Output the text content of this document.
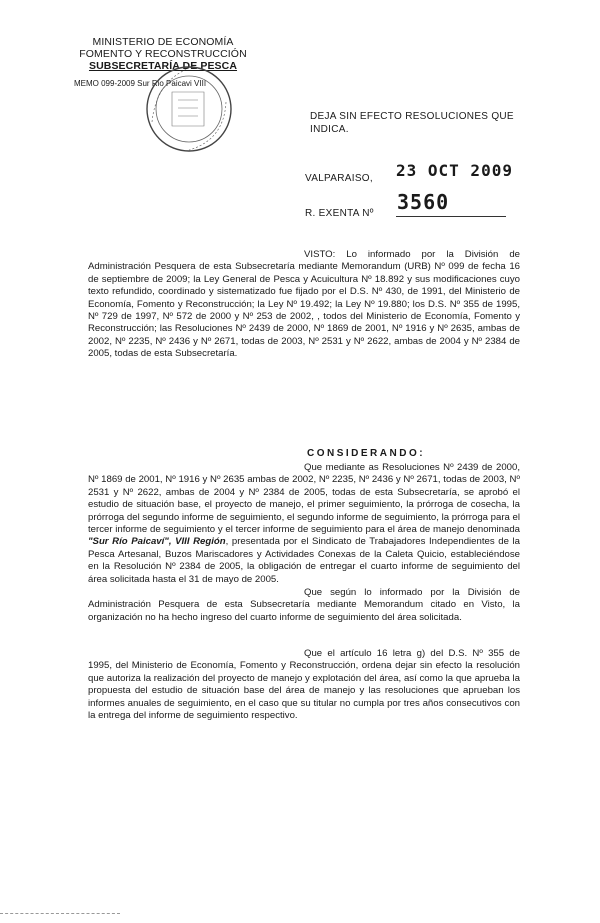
MINISTERIO DE ECONOMÍA
FOMENTO Y RECONSTRUCCIÓN
SUBSECRETARÍA DE PESCA
MEMO 099-2009 Sur Rio Paicavi VIII
DEJA SIN EFECTO RESOLUCIONES QUE INDICA.
VALPARAISO, 23 OCT 2009
R. EXENTA Nº 3560
VISTO: Lo informado por la División de Administración Pesquera de esta Subsecretaría mediante Memorandum (URB) Nº 099 de fecha 16 de septiembre de 2009; la Ley General de Pesca y Acuicultura Nº 18.892 y sus modificaciones cuyo texto refundido, coordinado y sistematizado fue fijado por el D.S. Nº 430, de 1991, del Ministerio de Economía, Fomento y Reconstrucción; la Ley Nº 19.492; la Ley Nº 19.880; los D.S. Nº 355 de 1995, Nº 729 de 1997, Nº 572 de 2000 y Nº 253 de 2002, , todos del Ministerio de Economía, Fomento y Reconstrucción; las Resoluciones Nº 2439 de 2000, Nº 1869 de 2001, Nº 1916 y Nº 2635, ambas de 2002, Nº 2235, Nº 2436 y Nº 2671, todas de 2003, Nº 2531 y Nº 2622, ambas de 2004 y Nº 2384 de 2005, todas de esta Subsecretaría.
CONSIDERANDO:
Que mediante as Resoluciones Nº 2439 de 2000, Nº 1869 de 2001, Nº 1916 y Nº 2635 ambas de 2002, Nº 2235, Nº 2436 y Nº 2671, todas de 2003, Nº 2531 y Nº 2622, ambas de 2004 y Nº 2384 de 2005, todas de esta Subsecretaría, se aprobó el estudio de situación base, el proyecto de manejo, el primer seguimiento, la prórroga de cosecha, la prórroga del segundo informe de seguimiento, el segundo informe de seguimiento, la prórroga para el tercer informe de seguimiento y el tercer informe de seguimiento para el área de manejo denominada "Sur Río Paicaví", VIII Región, presentada por el Sindicato de Trabajadores Independientes de la Pesca Artesanal, Buzos Mariscadores y Actividades Conexas de la Caleta Quicio, estableciéndose en la Resolución Nº 2384 de 2005, la obligación de entregar el cuarto informe de seguimiento del área solicitada hasta el 31 de mayo de 2005.
Que según lo informado por la División de Administración Pesquera de esta Subsecretaría mediante Memorandum citado en Visto, la organización no ha hecho ingreso del cuarto informe de seguimiento del área solicitada.
Que el artículo 16 letra g) del D.S. Nº 355 de 1995, del Ministerio de Economía, Fomento y Reconstrucción, ordena dejar sin efecto la resolución que autoriza la realización del proyecto de manejo y explotación del área, así como la que aprueba la propuesta del estudio de situación base del área de manejo y las resoluciones que aprueban los informes anuales de seguimiento, en el caso que su titular no cumpla por tres años consecutivos con la entrega del informe de seguimiento respectivo.
